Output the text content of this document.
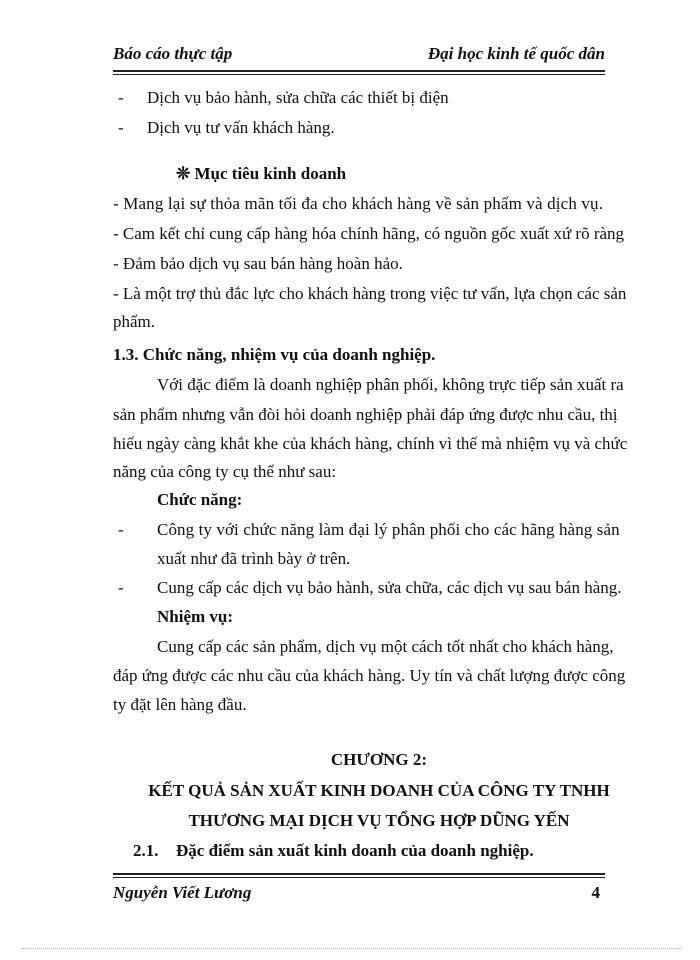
Báo cáo thực tập	Đại học kinh tế quốc dân
- Dịch vụ bảo hành, sửa chữa các thiết bị điện
- Dịch vụ tư vấn khách hàng.
❊ Mục tiêu kinh doanh
- Mang lại sự thỏa mãn tối đa cho khách hàng về sản phẩm và dịch vụ.
- Cam kết chỉ cung cấp hàng hóa chính hãng, có nguồn gốc xuất xứ rõ ràng
- Đảm bảo dịch vụ sau bán hàng hoàn hảo.
- Là một trợ thủ đắc lực cho khách hàng trong việc tư vấn, lựa chọn các sản
phẩm.
1.3. Chức năng, nhiệm vụ của doanh nghiệp.
Với đặc điểm là doanh nghiệp phân phối, không trực tiếp sản xuất ra
sản phẩm nhưng vẫn đòi hỏi doanh nghiệp phải đáp ứng được nhu cầu, thị
hiếu ngày càng khắt khe của khách hàng, chính vì thế mà nhiệm vụ và chức
năng của công ty cụ thể như sau:
Chức năng:
- Công ty với chức năng làm đại lý phân phối cho các hãng hàng sản
xuất như đã trình bày ở trên.
- Cung cấp các dịch vụ bảo hành, sửa chữa, các dịch vụ sau bán hàng.
Nhiệm vụ:
Cung cấp các sản phẩm, dịch vụ một cách tốt nhất cho khách hàng,
đáp ứng được các nhu cầu của khách hàng. Uy tín và chất lượng được công
ty đặt lên hàng đầu.
CHƯƠNG 2:
KẾT QUẢ SẢN XUẤT KINH DOANH CỦA CÔNG TY TNHH
THƯƠNG MẠI DỊCH VỤ TỔNG HỢP DŨNG YẾN
2.1. Đặc điểm sản xuất kinh doanh của doanh nghiệp.
Nguyễn Viết Lương	4
